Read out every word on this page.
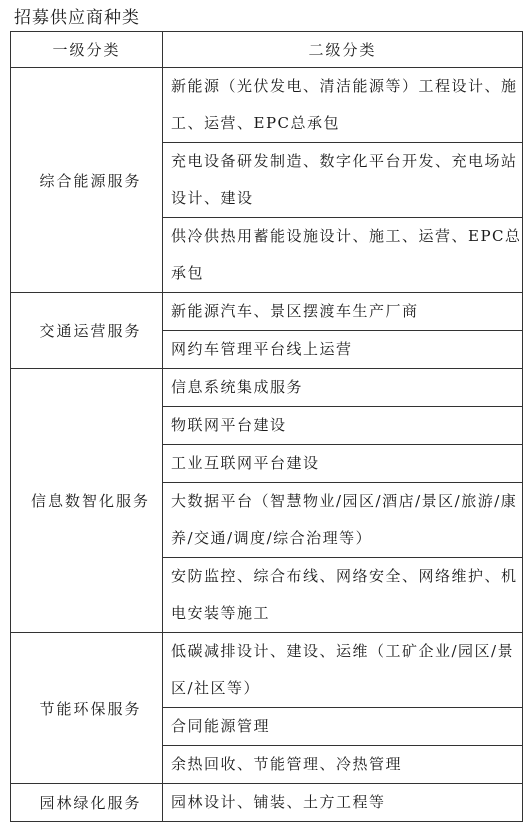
招募供应商种类
一级分类	二级分类
综合能源服务	新能源（光伏发电、清洁能源等）工程设计、施工、运营、EPC总承包
	充电设备研发制造、数字化平台开发、充电场站设计、建设
	供冷供热用蓄能设施设计、施工、运营、EPC总承包
交通运营服务	新能源汽车、景区摆渡车生产厂商
	网约车管理平台线上运营
信息数智化服务	信息系统集成服务
	物联网平台建设
	工业互联网平台建设
	大数据平台（智慧物业/园区/酒店/景区/旅游/康养/交通/调度/综合治理等）
	安防监控、综合布线、网络安全、网络维护、机电安装等施工
节能环保服务	低碳减排设计、建设、运维（工矿企业/园区/景区/社区等）
	合同能源管理
	余热回收、节能管理、冷热管理
园林绿化服务	园林设计、铺装、土方工程等
